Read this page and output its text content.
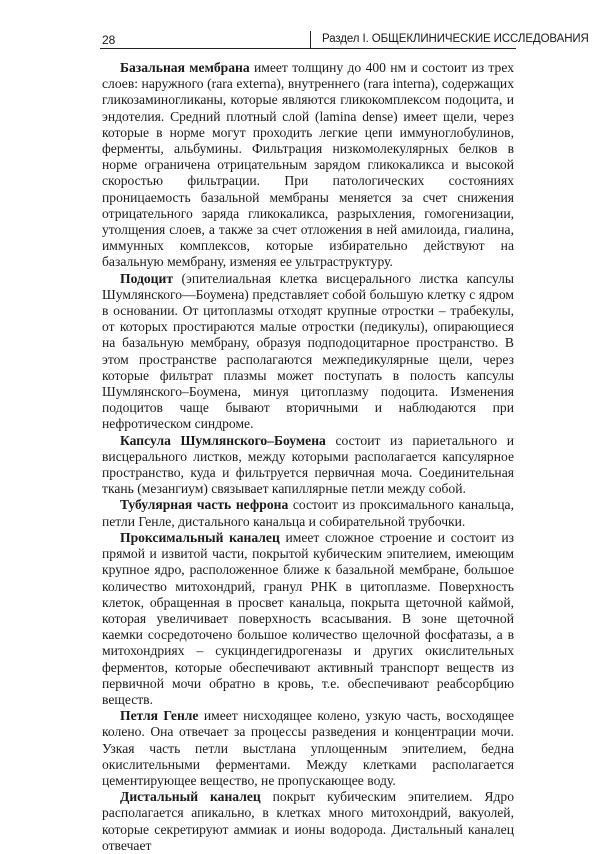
28	Раздел I. ОБЩЕКЛИНИЧЕСКИЕ ИССЛЕДОВАНИЯ

Базальная мембрана имеет толщину до 400 нм и состоит из трех слоев: наружного (rara externa), внутреннего (rara interna), содержащих гликозаминогликаны, которые являются гликокомплексом подоцита, и эндотелия. Средний плотный слой (lamina dense) имеет щели, через которые в норме могут проходить легкие цепи иммуноглобулинов, ферменты, альбумины. Фильтрация низкомолекулярных белков в норме ограничена отрицательным зарядом гликокаликса и высокой скоростью фильтрации. При патологических состояниях проницаемость базальной мембраны меняется за счет снижения отрицательного заряда гликокаликса, разрыхления, гомогенизации, утолщения слоев, а также за счет отложения в ней амилоида, гиалина, иммунных комплексов, которые избирательно действуют на базальную мембрану, изменяя ее ультраструктуру.

Подоцит (эпителиальная клетка висцерального листка капсулы Шумлянского—Боумена) представляет собой большую клетку с ядром в основании. От цитоплазмы отходят крупные отростки – трабекулы, от которых простираются малые отростки (педикулы), опирающиеся на базальную мембрану, образуя подподоцитарное пространство. В этом пространстве располагаются межпедикулярные щели, через которые фильтрат плазмы может поступать в полость капсулы Шумлянского–Боумена, минуя цитоплазму подоцита. Изменения подоцитов чаще бывают вторичными и наблюдаются при нефротическом синдроме.

Капсула Шумлянского–Боумена состоит из париетального и висцерального листков, между которыми располагается капсулярное пространство, куда и фильтруется первичная моча. Соединительная ткань (мезангиум) связывает капиллярные петли между собой.

Тубулярная часть нефрона состоит из проксимального канальца, петли Генле, дистального канальца и собирательной трубочки.

Проксимальный каналец имеет сложное строение и состоит из прямой и извитой части, покрытой кубическим эпителием, имеющим крупное ядро, расположенное ближе к базальной мембране, большое количество митохондрий, гранул РНК в цитоплазме. Поверхность клеток, обращенная в просвет канальца, покрыта щеточной каймой, которая увеличивает поверхность всасывания. В зоне щеточной каемки сосредоточено большое количество щелочной фосфатазы, а в митохондриях – сукциндегидрогеназы и других окислительных ферментов, которые обеспечивают активный транспорт веществ из первичной мочи обратно в кровь, т.е. обеспечивают реабсорбцию веществ.

Петля Генле имеет нисходящее колено, узкую часть, восходящее колено. Она отвечает за процессы разведения и концентрации мочи. Узкая часть петли выстлана уплощенным эпителием, бедна окислительными ферментами. Между клетками располагается цементирующее вещество, не пропускающее воду.

Дистальный каналец покрыт кубическим эпителием. Ядро располагается апикально, в клетках много митохондрий, вакуолей, которые секретируют аммиак и ионы водорода. Дистальный каналец отвечает
